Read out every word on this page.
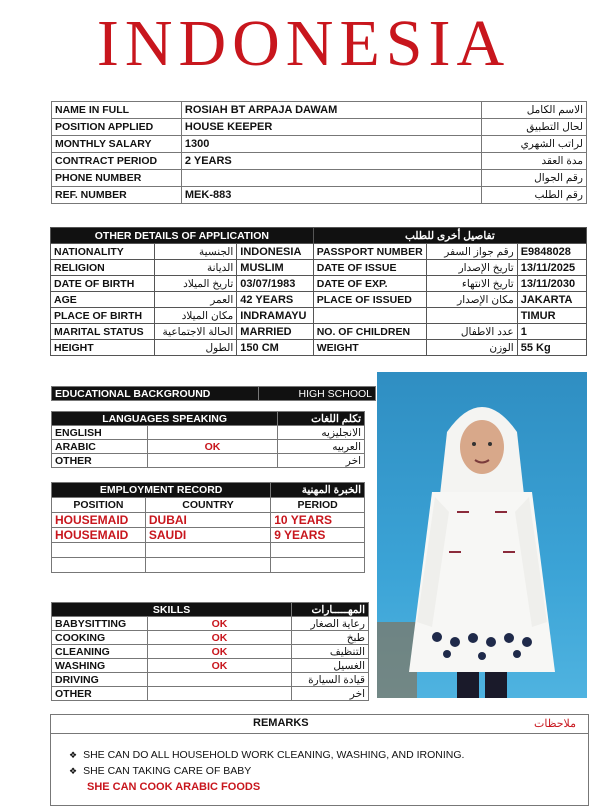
INDONESIA
NAME IN FULL	ROSIAH BT ARPAJA DAWAM	الاسم الكامل
POSITION APPLIED	HOUSE KEEPER	لحال التطبيق
MONTHLY SALARY	1300	لراتب الشهري
CONTRACT PERIOD	2 YEARS	مدة العقد
PHONE NUMBER		رقم الجوال
REF. NUMBER	MEK-883	رقم الطلب
OTHER DETAILS OF APPLICATION			تفاصيل أخرى للطلب		
NATIONALITY	الجنسية	INDONESIA	PASSPORT NUMBER	رقم جواز السفر	E9848028
RELIGION	الديانة	MUSLIM	DATE OF ISSUE	تاريخ الإصدار	13/11/2025
DATE OF BIRTH	تاريخ الميلاد	03/07/1983	DATE OF EXP.	تاريخ الانتهاء	13/11/2030
AGE	العمر	42 YEARS	PLACE OF ISSUED	مكان الإصدار	JAKARTA
PLACE OF BIRTH	مكان الميلاد	INDRAMAYU			TIMUR
MARITAL STATUS	الحالة الاجتماعية	MARRIED	NO. OF CHILDREN	عدد الاطفال	1
HEIGHT	الطول	150 CM	WEIGHT	الوزن	55 Kg
EDUCATIONAL BACKGROUND	HIGH SCHOOL
LANGUAGES SPEAKING		تكلم اللغات
ENGLISH		الانجليزيه
ARABIC	OK	العربيه
OTHER		اخر
EMPLOYMENT RECORD		الخبرة المهنية
POSITION	COUNTRY	PERIOD
HOUSEMAID	DUBAI	10 YEARS
HOUSEMAID	SAUDI	9 YEARS

SKILLS		المهـــــارات
BABYSITTING	OK	رعاية الصغار
COOKING	OK	طبخ
CLEANING	OK	التنظيف
WASHING	OK	الغسيل
DRIVING		قيادة السيارة
OTHER		اخر
REMARKS	ملاحظات
❖ SHE CAN DO ALL HOUSEHOLD WORK CLEANING, WASHING, AND IRONING.
❖ SHE CAN TAKING CARE OF BABY
SHE CAN COOK ARABIC FOODS
